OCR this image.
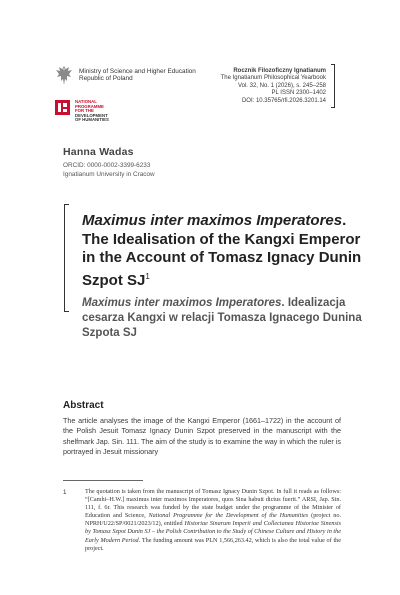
Ministry of Science and Higher Education
Republic of Poland
NATIONAL
PROGRAMME
FOR THE
DEVELOPMENT
OF HUMANITIES
Rocznik Filozoficzny Ignatianum
The Ignatianum Philosophical Yearbook
Vol. 32, No. 1 (2026), s. 245–258
PL ISSN 2300–1402
DOI: 10.35765/rfi.2026.3201.14
Hanna Wadas
ORCID: 0000-0002-3399-6233
Ignatianum University in Cracow
Maximus inter maximos Imperatores. The Idealisation of the Kangxi Emperor in the Account of Tomasz Ignacy Dunin Szpot $SJ^1$
Maximus inter maximos Imperatores. Idealizacja cesarza Kangxi w relacji Tomasza Ignacego Dunina Szpota SJ
Abstract
The article analyses the image of the Kangxi Emperor (1661–1722) in the account of the Polish Jesuit Tomasz Ignacy Dunin Szpot preserved in the manuscript with the shelfmark Jap. Sin. 111. The aim of the study is to examine the way in which the ruler is portrayed in Jesuit missionary
1	The quotation is taken from the manuscript of Tomasz Ignacy Dunin Szpot. In full it reads as follows: “[Camhi–H.W.] maximus inter maximos Imperatores, quos Sina habuit dictus fuerit.” ARSI, Jap. Sin. 111, f. 6r. This research was funded by the state budget under the programme of the Minister of Education and Science, National Programme for the Development of the Humanities (project no. NPRH/U22/SP/0021/2023/12), entitled Historiae Sinarum Imperii and Collectanea Historiae Sinensis by Tomasz Szpot Dunin SJ – the Polish Contribution to the Study of Chinese Culture and History in the Early Modern Period. The funding amount was PLN 1,566,263.42, which is also the total value of the project.
